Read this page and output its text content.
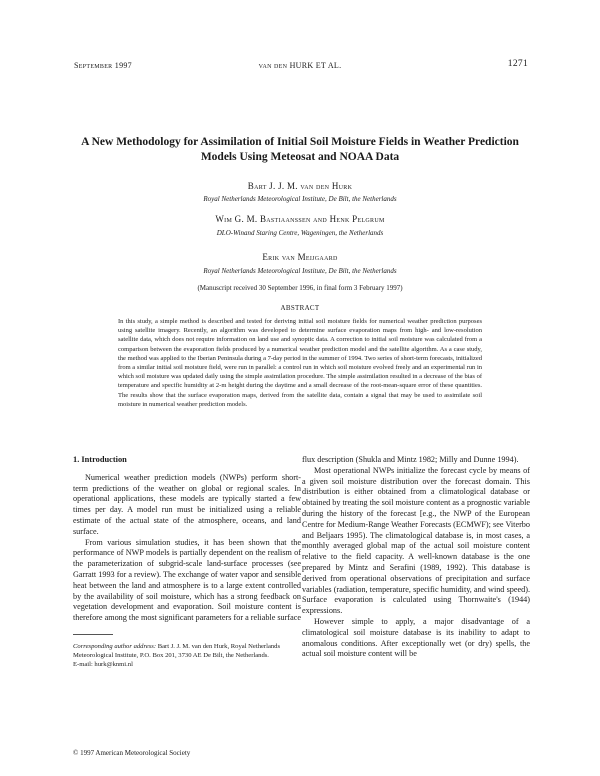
September 1997	van den HURK ET AL.	1271
A New Methodology for Assimilation of Initial Soil Moisture Fields in Weather Prediction Models Using Meteosat and NOAA Data
Bart J. J. M. van den Hurk
Royal Netherlands Meteorological Institute, De Bilt, the Netherlands
Wim G. M. Bastiaanssen and Henk Pelgrum
DLO-Winand Staring Centre, Wageningen, the Netherlands
Erik van Meijgaard
Royal Netherlands Meteorological Institute, De Bilt, the Netherlands
(Manuscript received 30 September 1996, in final form 3 February 1997)
ABSTRACT
In this study, a simple method is described and tested for deriving initial soil moisture fields for numerical weather prediction purposes using satellite imagery. Recently, an algorithm was developed to determine surface evaporation maps from high- and low-resolution satellite data, which does not require information on land use and synoptic data. A correction to initial soil moisture was calculated from a comparison between the evaporation fields produced by a numerical weather prediction model and the satellite algorithm. As a case study, the method was applied to the Iberian Peninsula during a 7-day period in the summer of 1994. Two series of short-term forecasts, initialized from a similar initial soil moisture field, were run in parallel: a control run in which soil moisture evolved freely and an experimental run in which soil moisture was updated daily using the simple assimilation procedure. The simple assimilation resulted in a decrease of the bias of temperature and specific humidity at 2-m height during the daytime and a small decrease of the root-mean-square error of these quantities. The results show that the surface evaporation maps, derived from the satellite data, contain a signal that may be used to assimilate soil moisture in numerical weather prediction models.
1. Introduction

Numerical weather prediction models (NWPs) perform short-term predictions of the weather on global or regional scales. In operational applications, these models are typically started a few times per day. A model run must be initialized using a reliable estimate of the actual state of the atmosphere, oceans, and land surface.

From various simulation studies, it has been shown that the performance of NWP models is partially dependent on the realism of the parameterization of subgrid-scale land-surface processes (see Garratt 1993 for a review). The exchange of water vapor and sensible heat between the land and atmosphere is to a large extent controlled by the availability of soil moisture, which has a strong feedback on vegetation development and evaporation. Soil moisture content is therefore among the most significant parameters for a reliable surface

flux description (Shukla and Mintz 1982; Milly and Dunne 1994).

Most operational NWPs initialize the forecast cycle by means of a given soil moisture distribution over the forecast domain. This distribution is either obtained from a climatological database or obtained by treating the soil moisture content as a prognostic variable during the history of the forecast [e.g., the NWP of the European Centre for Medium-Range Weather Forecasts (ECMWF); see Viterbo and Beljaars 1995). The climatological database is, in most cases, a monthly averaged global map of the actual soil moisture content relative to the field capacity. A well-known database is the one prepared by Mintz and Serafini (1989, 1992). This database is derived from operational observations of precipitation and surface variables (radiation, temperature, specific humidity, and wind speed). Surface evaporation is calculated using Thornwaite's (1944) expressions.

However simple to apply, a major disadvantage of a climatological soil moisture database is its inability to adapt to anomalous conditions. After exceptionally wet (or dry) spells, the actual soil moisture content will be

Corresponding author address: Bart J. J. M. van den Hurk, Royal Netherlands Meteorological Institute, P.O. Box 201, 3730 AE De Bilt, the Netherlands.
E-mail: hurk@knmi.nl
© 1997 American Meteorological Society
